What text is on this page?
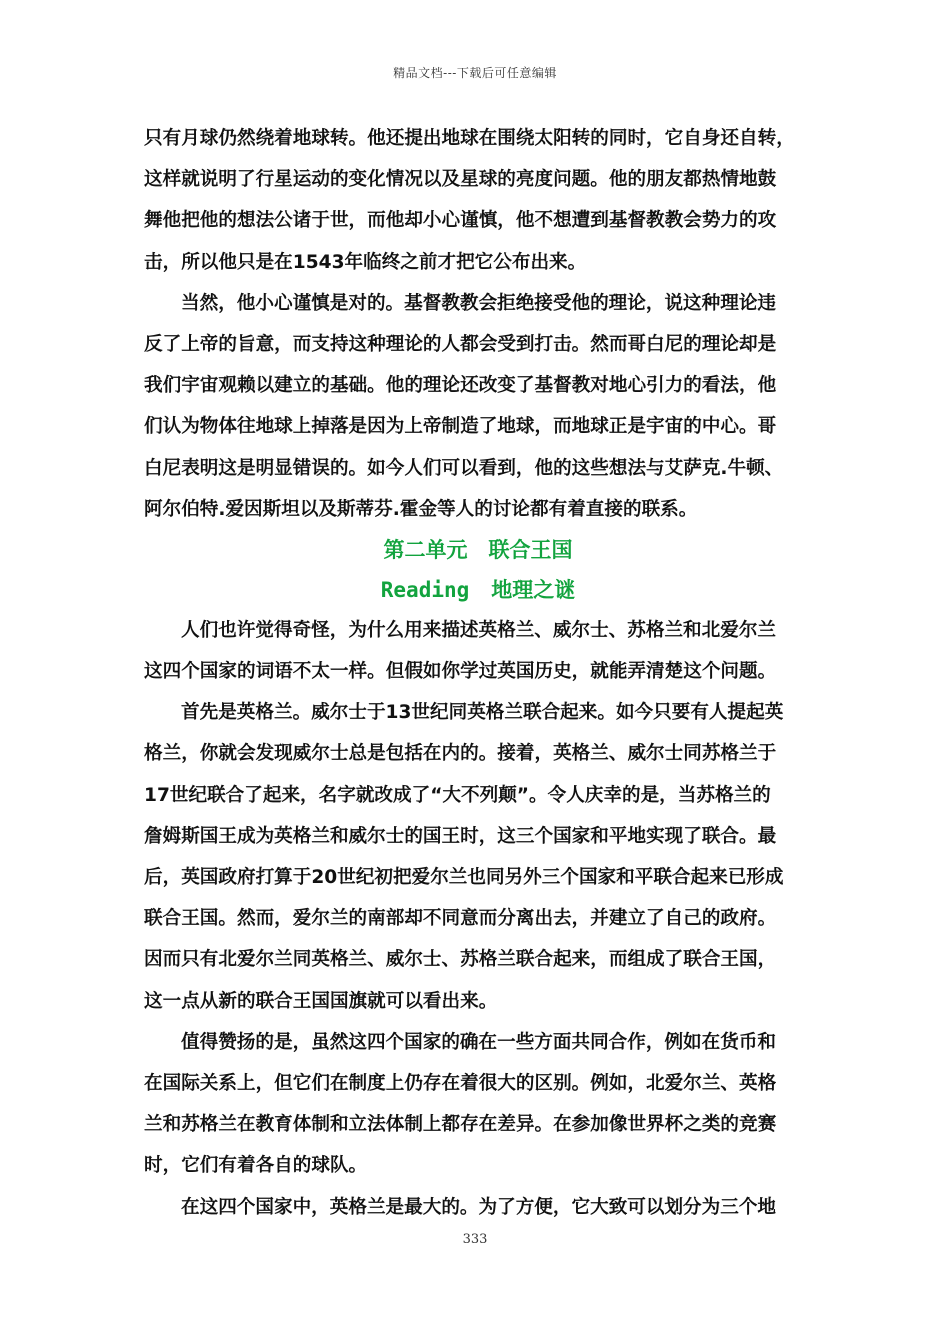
精品文档---下载后可任意编辑
只有月球仍然绕着地球转。他还提出地球在围绕太阳转的同时，它自身还自转，
这样就说明了行星运动的变化情况以及星球的亮度问题。他的朋友都热情地鼓
舞他把他的想法公诸于世，而他却小心谨慎，他不想遭到基督教教会势力的攻
击，所以他只是在1543年临终之前才把它公布出来。
当然，他小心谨慎是对的。基督教教会拒绝接受他的理论，说这种理论违
反了上帝的旨意，而支持这种理论的人都会受到打击。然而哥白尼的理论却是
我们宇宙观赖以建立的基础。他的理论还改变了基督教对地心引力的看法，他
们认为物体往地球上掉落是因为上帝制造了地球，而地球正是宇宙的中心。哥
白尼表明这是明显错误的。如今人们可以看到，他的这些想法与艾萨克.牛顿、
阿尔伯特.爱因斯坦以及斯蒂芬.霍金等人的讨论都有着直接的联系。
第二单元　联合王国
Reading 地理之谜
人们也许觉得奇怪，为什么用来描述英格兰、威尔士、苏格兰和北爱尔兰
这四个国家的词语不太一样。但假如你学过英国历史，就能弄清楚这个问题。
首先是英格兰。威尔士于13世纪同英格兰联合起来。如今只要有人提起英
格兰，你就会发现威尔士总是包括在内的。接着，英格兰、威尔士同苏格兰于
17世纪联合了起来，名字就改成了“大不列颠”。令人庆幸的是，当苏格兰的
詹姆斯国王成为英格兰和威尔士的国王时，这三个国家和平地实现了联合。最
后，英国政府打算于20世纪初把爱尔兰也同另外三个国家和平联合起来已形成
联合王国。然而，爱尔兰的南部却不同意而分离出去，并建立了自己的政府。
因而只有北爱尔兰同英格兰、威尔士、苏格兰联合起来，而组成了联合王国，
这一点从新的联合王国国旗就可以看出来。
值得赞扬的是，虽然这四个国家的确在一些方面共同合作，例如在货币和
在国际关系上，但它们在制度上仍存在着很大的区别。例如，北爱尔兰、英格
兰和苏格兰在教育体制和立法体制上都存在差异。在参加像世界杯之类的竞赛
时，它们有着各自的球队。
在这四个国家中，英格兰是最大的。为了方便，它大致可以划分为三个地
333
